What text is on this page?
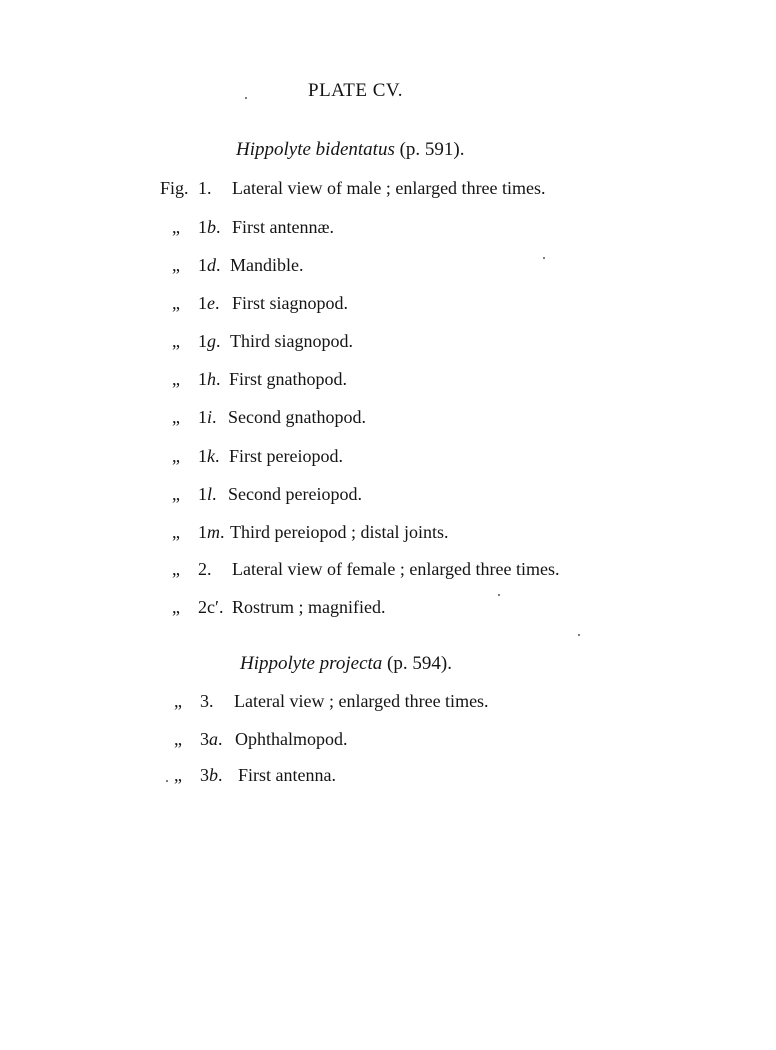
PLATE CV.
Hippolyte bidentatus (p. 591).
Fig. 1. Lateral view of male ; enlarged three times.
„ 1b. First antennæ.
„ 1d. Mandible.
„ 1e. First siagnopod.
„ 1g. Third siagnopod.
„ 1h. First gnathopod.
„ 1i. Second gnathopod.
„ 1k. First pereiopod.
„ 1l. Second pereiopod.
„ 1m. Third pereiopod ; distal joints.
„ 2. Lateral view of female ; enlarged three times.
„ 2c′. Rostrum ; magnified.
Hippolyte projecta (p. 594).
„ 3. Lateral view ; enlarged three times.
„ 3a. Ophthalmopod.
„ 3b. First antenna.
